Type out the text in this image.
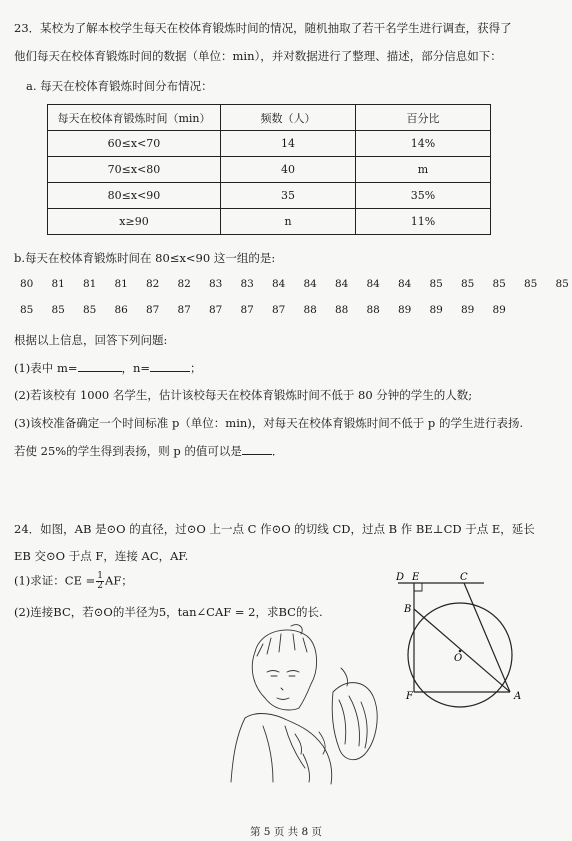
23．某校为了解本校学生每天在校体育锻炼时间的情况，随机抽取了若干名学生进行调查，获得了
他们每天在校体育锻炼时间的数据（单位：min），并对数据进行了整理、描述，部分信息如下：
a. 每天在校体育锻炼时间分布情况：
每天在校体育锻炼时间（min）	频数（人）	百分比
60≤x<70	14	14%
70≤x<80	40	m
80≤x<90	35	35%
x≥90	n	11%
b.每天在校体育锻炼时间在 80≤x<90 这一组的是:
80	81	81	81	82	82	83	83	84	84	84	84	84	85	85	85	85	85
85	85	85	86	87	87	87	87	87	88	88	88	89	89	89	89
根据以上信息，回答下列问题:
(1)表中 m=	，n=	；
(2)若该校有 1000 名学生，估计该校每天在校体育锻炼时间不低于 80 分钟的学生的人数;
(3)该校准备确定一个时间标准 p（单位：min)，对每天在校体育锻炼时间不低于 p 的学生进行表扬.
若使 25%的学生得到表扬，则 p 的值可以是	．
24．如图，AB 是⊙O 的直径，过⊙O 上一点 C 作⊙O 的切线 CD，过点 B 作 BE⊥CD 于点 E，延长
EB 交⊙O 于点 F，连接 AC，AF.
(1)求证：CE = $\frac{1}{2}$ AF；
(2)连接BC，若⊙O的半径为5，tan∠CAF = 2，求BC的长.
D E	C
B
O
F	A
第 5 页 共 8 页
